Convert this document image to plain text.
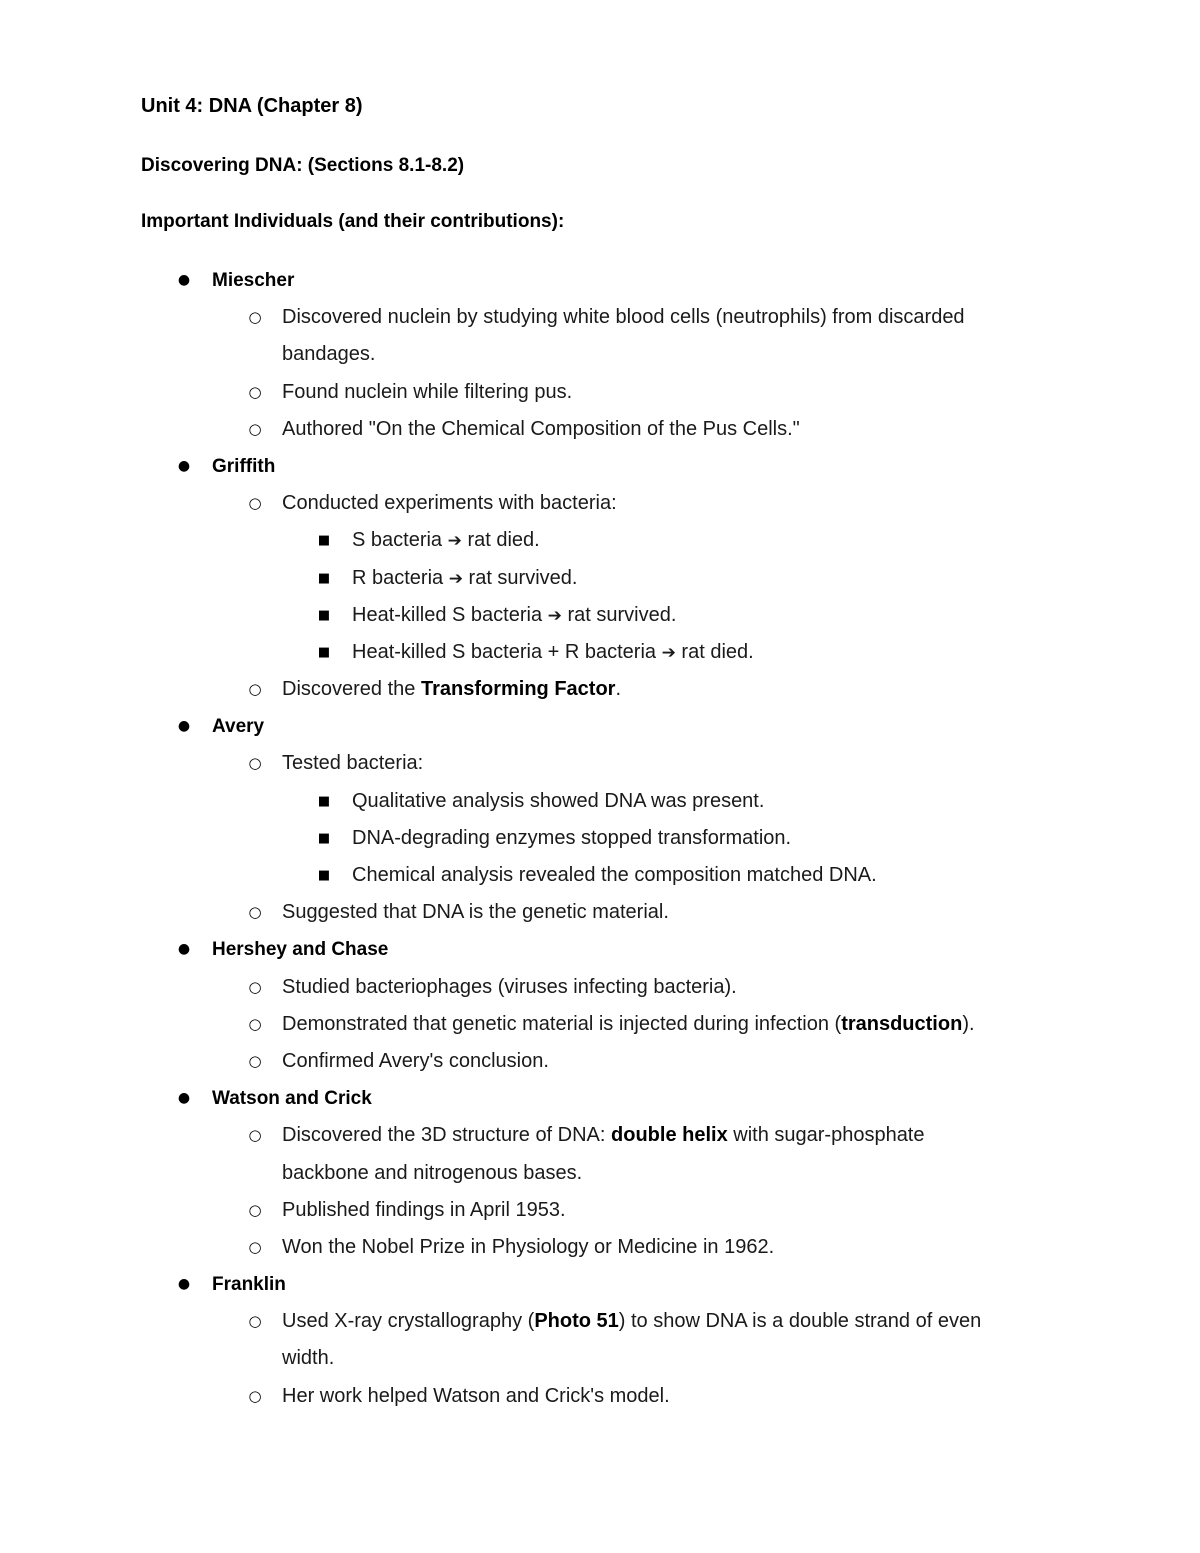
Unit 4: DNA (Chapter 8)
Discovering DNA: (Sections 8.1-8.2)
Important Individuals (and their contributions):
● Miescher
○ Discovered nuclein by studying white blood cells (neutrophils) from discarded
bandages.
○ Found nuclein while filtering pus.
○ Authored "On the Chemical Composition of the Pus Cells."
● Griffith
○ Conducted experiments with bacteria:
■ S bacteria ➔ rat died.
■ R bacteria ➔ rat survived.
■ Heat-killed S bacteria ➔ rat survived.
■ Heat-killed S bacteria + R bacteria ➔ rat died.
○ Discovered the Transforming Factor.
● Avery
○ Tested bacteria:
■ Qualitative analysis showed DNA was present.
■ DNA-degrading enzymes stopped transformation.
■ Chemical analysis revealed the composition matched DNA.
○ Suggested that DNA is the genetic material.
● Hershey and Chase
○ Studied bacteriophages (viruses infecting bacteria).
○ Demonstrated that genetic material is injected during infection (transduction).
○ Confirmed Avery's conclusion.
● Watson and Crick
○ Discovered the 3D structure of DNA: double helix with sugar-phosphate
backbone and nitrogenous bases.
○ Published findings in April 1953.
○ Won the Nobel Prize in Physiology or Medicine in 1962.
● Franklin
○ Used X-ray crystallography (Photo 51) to show DNA is a double strand of even
width.
○ Her work helped Watson and Crick's model.
